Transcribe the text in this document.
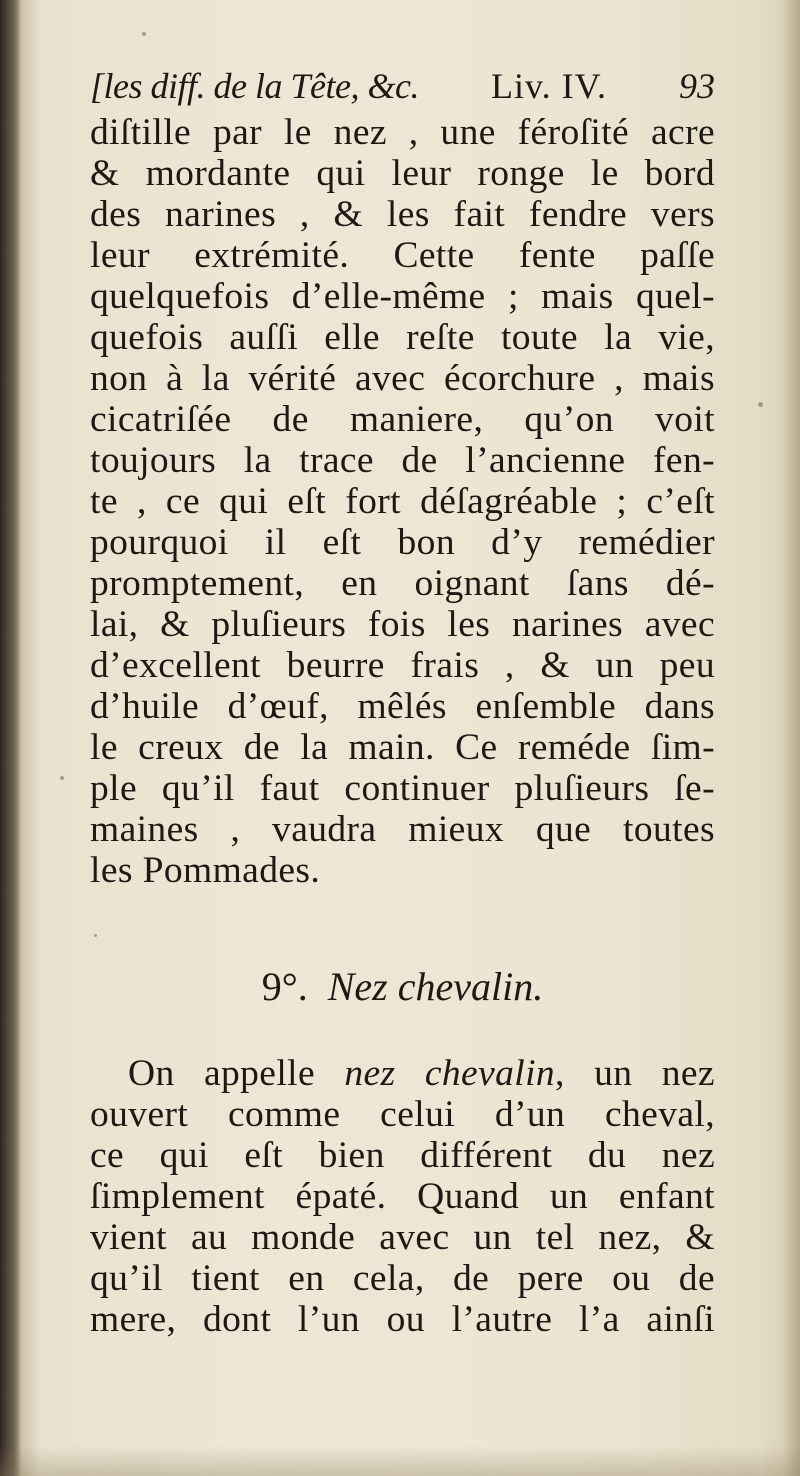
[les diff. de la Tête, &c. Liv. IV. 93
diſtille par le nez , une féroſité acre
& mordante qui leur ronge le bord
des narines , & les fait fendre vers
leur extrémité. Cette fente paſſe
quelquefois d’elle-même ; mais quel-
quefois auſſi elle reſte toute la vie,
non à la vérité avec écorchure , mais
cicatriſée de maniere, qu’on voit
toujours la trace de l’ancienne fen-
te , ce qui eſt fort déſagréable ; c’eſt
pourquoi il eſt bon d’y remédier
promptement, en oignant ſans dé-
lai, & pluſieurs fois les narines avec
d’excellent beurre frais , & un peu
d’huile d’œuf, mêlés enſemble dans
le creux de la main. Ce reméde ſim-
ple qu’il faut continuer pluſieurs ſe-
maines , vaudra mieux que toutes
les Pommades.
9°. Nez chevalin.
On appelle nez chevalin, un nez
ouvert comme celui d’un cheval,
ce qui eſt bien différent du nez
ſimplement épaté. Quand un enfant
vient au monde avec un tel nez, &
qu’il tient en cela, de pere ou de
mere, dont l’un ou l’autre l’a ainſi
